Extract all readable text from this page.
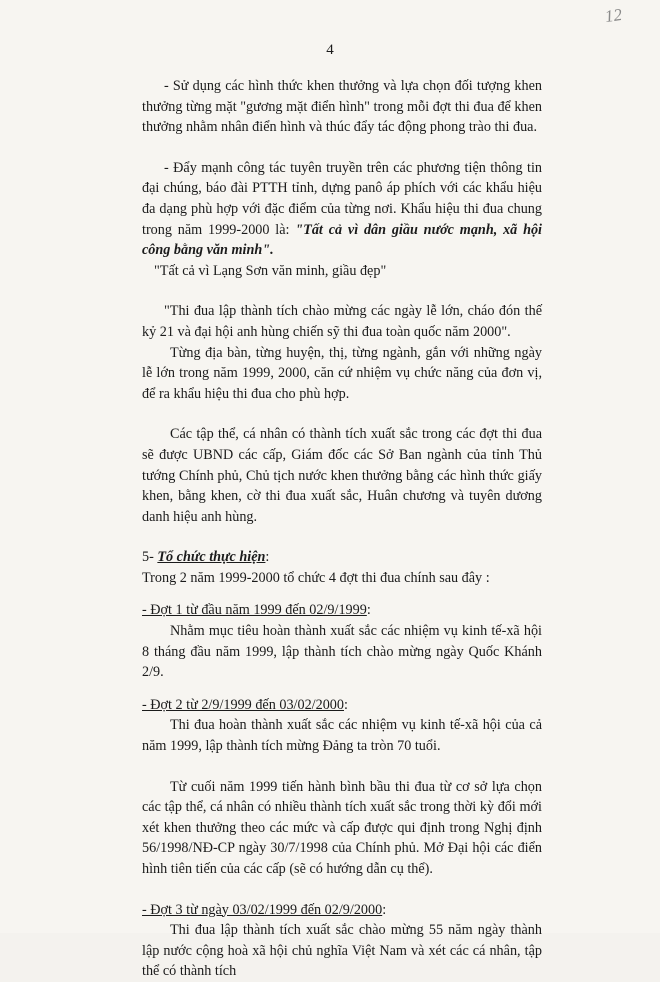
12
4

- Sử dụng các hình thức khen thưởng và lựa chọn đối tượng khen thưởng từng mặt "gương mặt điển hình" trong mỗi đợt thi đua để khen thưởng nhằm nhân điển hình và thúc đẩy tác động phong trào thi đua.

- Đẩy mạnh công tác tuyên truyền trên các phương tiện thông tin đại chúng, báo đài PTTH tỉnh, dựng panô áp phích với các khẩu hiệu đa dạng phù hợp với đặc điểm của từng nơi. Khẩu hiệu thi đua chung trong năm 1999-2000 là: "Tất cả vì dân giầu nước mạnh, xã hội công bằng văn minh".

"Tất cả vì Lạng Sơn văn minh, giầu đẹp"

"Thi đua lập thành tích chào mừng các ngày lễ lớn, cháo đón thế kỷ 21 và đại hội anh hùng chiến sỹ thi đua toàn quốc năm 2000".

Từng địa bàn, từng huyện, thị, từng ngành, gắn với những ngày lễ lớn trong năm 1999, 2000, căn cứ nhiệm vụ chức năng của đơn vị, để ra khẩu hiệu thi đua cho phù hợp.

Các tập thể, cá nhân có thành tích xuất sắc trong các đợt thi đua sẽ được UBND các cấp, Giám đốc các Sở Ban ngành của tỉnh Thủ tướng Chính phủ, Chủ tịch nước khen thưởng bằng các hình thức giấy khen, bằng khen, cờ thi đua xuất sắc, Huân chương và tuyên dương danh hiệu anh hùng.

5- Tổ chức thực hiện:

Trong 2 năm 1999-2000 tổ chức 4 đợt thi đua chính sau đây :

- Đợt 1 từ đầu năm 1999 đến 02/9/1999:

Nhằm mục tiêu hoàn thành xuất sắc các nhiệm vụ kinh tế-xã hội 8 tháng đầu năm 1999, lập thành tích chào mừng ngày Quốc Khánh 2/9.

- Đợt 2 từ 2/9/1999 đến 03/02/2000:

Thi đua hoàn thành xuất sắc các nhiệm vụ kinh tế-xã hội của cả năm 1999, lập thành tích mừng Đảng ta tròn 70 tuổi.

Từ cuối năm 1999 tiến hành bình bầu thi đua từ cơ sở lựa chọn các tập thể, cá nhân có nhiều thành tích xuất sắc trong thời kỳ đổi mới xét khen thưởng theo các mức và cấp được qui định trong Nghị định 56/1998/NĐ-CP ngày 30/7/1998 của Chính phủ. Mở Đại hội các điển hình tiên tiến của các cấp (sẽ có hướng dẫn cụ thể).

- Đợt 3 từ ngày 03/02/1999 đến 02/9/2000:

Thi đua lập thành tích xuất sắc chào mừng 55 năm ngày thành lập nước cộng hoà xã hội chủ nghĩa Việt Nam và xét các cá nhân, tập thể có thành tích
